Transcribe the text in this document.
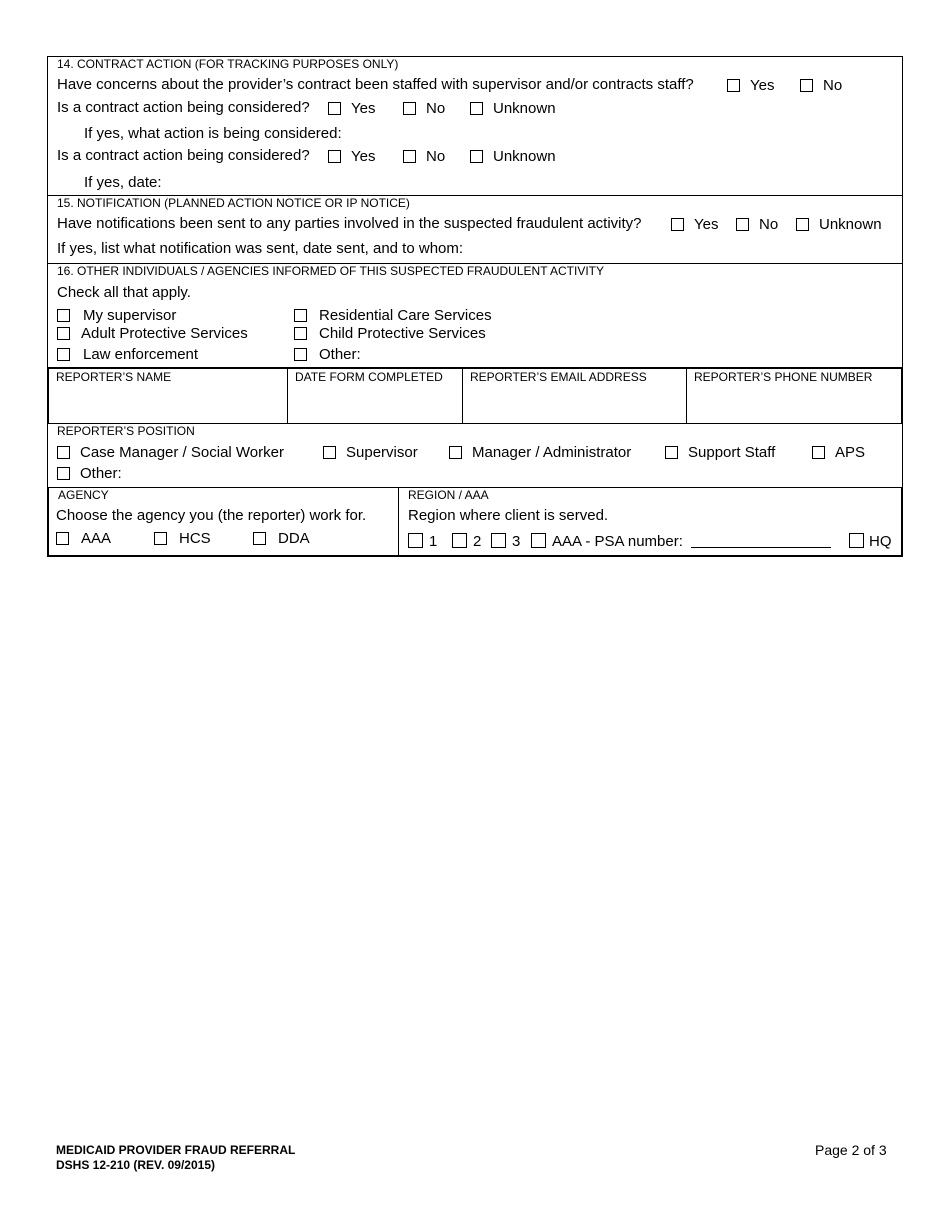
14. CONTRACT ACTION (FOR TRACKING PURPOSES ONLY)
Have concerns about the provider’s contract been staffed with supervisor and/or contracts staff?	Yes	No
Is a contract action being considered?	Yes	No	Unknown
If yes, what action is being considered:
Is a contract action being considered?	Yes	No	Unknown
If yes, date:
15. NOTIFICATION (PLANNED ACTION NOTICE OR IP NOTICE)
Have notifications been sent to any parties involved in the suspected fraudulent activity?	Yes	No	Unknown
If yes, list what notification was sent, date sent, and to whom:
16. OTHER INDIVIDUALS / AGENCIES INFORMED OF THIS SUSPECTED FRAUDULENT ACTIVITY
Check all that apply.
My supervisor	Residential Care Services
Adult Protective Services	Child Protective Services
Law enforcement	Other:
REPORTER’S NAME	DATE FORM COMPLETED	REPORTER’S EMAIL ADDRESS	REPORTER’S PHONE NUMBER
REPORTER’S POSITION
Case Manager / Social Worker	Supervisor	Manager / Administrator	Support Staff	APS
Other:
AGENCY
Choose the agency you (the reporter) work for.
AAA	HCS	DDA
REGION / AAA
Region where client is served.
1	2	3	AAA - PSA number:	HQ
MEDICAID PROVIDER FRAUD REFERRAL
DSHS 12-210 (REV. 09/2015)
Page 2 of 3
